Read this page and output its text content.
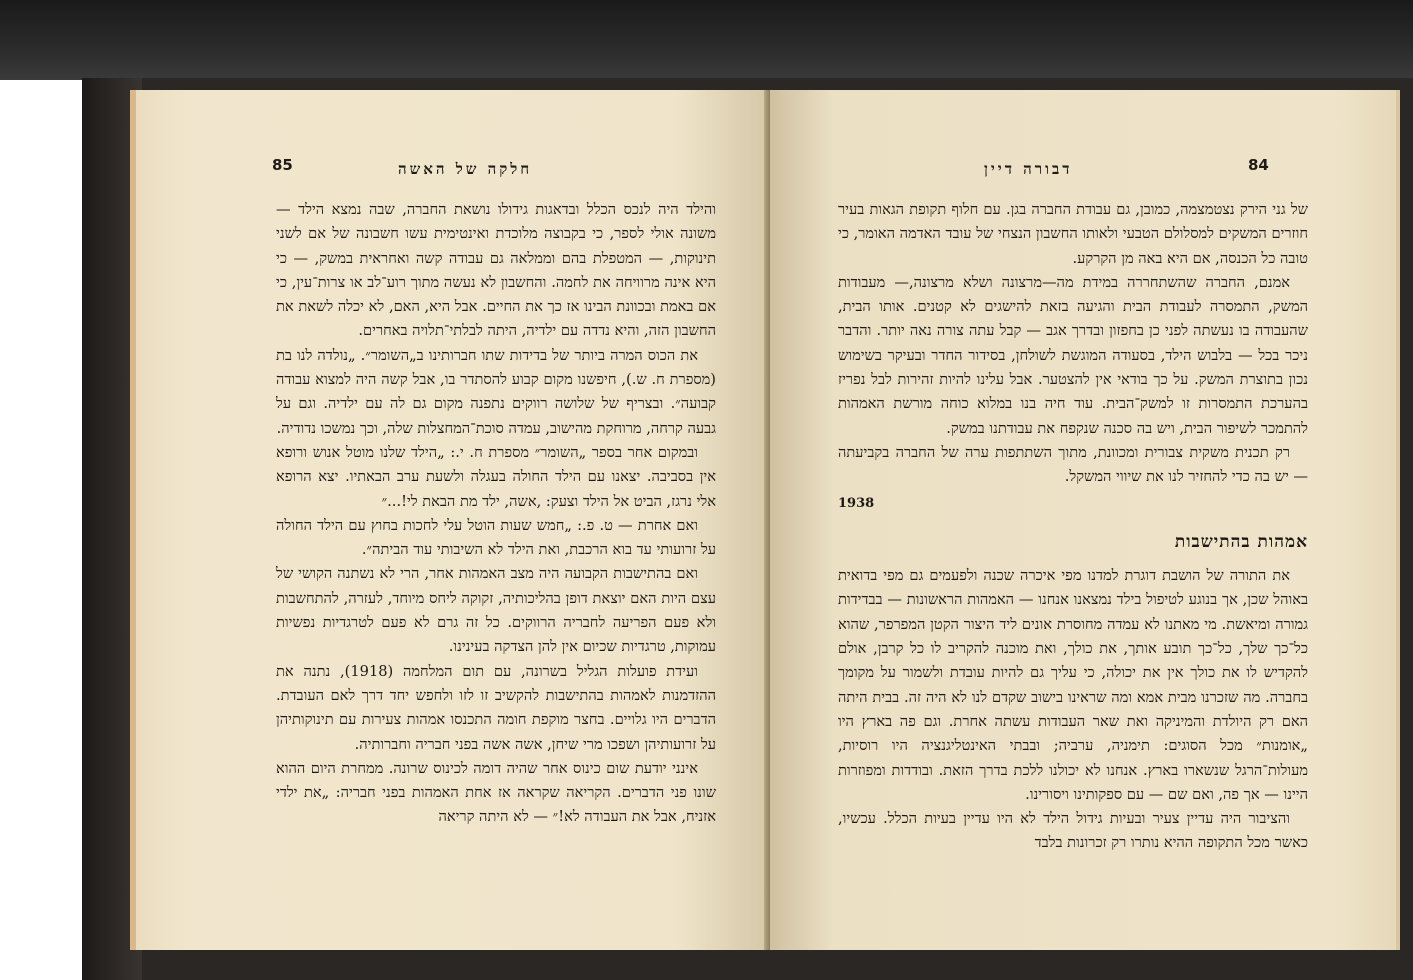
85	חלקה של האשה

והילד היה לנכס הכלל ובדאגות גידולו נושאת החברה, שבה נמצא הילד — משונה אולי לספר, כי בקבוצה מלוכדת ואינטימית עשו חשבונה של אם לשני תינוקות, — המטפלת בהם וממלאה גם עבודה קשה ואחראית במשק, — כי היא אינה מרוויחה את לחמה. והחשבון לא נעשה מתוך רוע־לב או צרות־עין, כי אם באמת ובכוונת הבינו אז כך את החיים. אבל היא, האם, לא יכלה לשאת את החשבון הזה, והיא נדדה עם ילדיה, היתה לבלתי־תלויה באחרים.

את הכוס המרה ביותר של בדידות שתו חברותינו ב„השומר״. „נולדה לנו בת (מספרת ח. ש.), חיפשנו מקום קבוע להסתדר בו, אבל קשה היה למצוא עבודה קבועה״. ובצריף של שלושה רווקים נתפנה מקום גם לה עם ילדיה. וגם על גבעה קרחה, מרוחקת מהישוב, עמדה סוכת־המחצלות שלה, וכך נמשכו נדודיה.

ובמקום אחר בספר „השומר״ מספרת ח. י.: „הילד שלנו מוטל אנוש ורופא אין בסביבה. יצאנו עם הילד החולה בעגלה ולשעת ערב הבאתיו. יצא הרופא אלי נרגז, הביט אל הילד וצעק: ,אשה, ילד מת הבאת לי!...״

ואם אחרת — ט. פ.: „חמש שעות הוטל עלי לחכות בחוץ עם הילד החולה על זרועותי עד בוא הרכבת, ואת הילד לא השיבותי עוד הביתה״.

ואם בהתישבות הקבועה היה מצב האמהות אחר, הרי לא נשתנה הקושי של עצם היות האם יוצאת דופן בהליכותיה, זקוקה ליחס מיוחד, לעזרה, להתחשבות ולא פעם הפריעה לחבריה הרווקים. כל זה גרם לא פעם לטרגדיות נפשיות עמוקות, טרגדיות שכיום אין להן הצדקה בעינינו.

ועידת פועלות הגליל בשרונה, עם תום המלחמה (1918), נתנה את ההזדמנות לאמהות בהתישבות להקשיב זו לזו ולחפש יחד דרך לאם העובדת. הדברים היו גלויים. בחצר מוקפת חומה התכנסו אמהות צעירות עם תינוקותיהן על זרועותיהן ושפכו מרי שיחן, אשה אשה בפני חבריה וחברותיה.

אינני יודעת שום כינוס אחר שהיה דומה לכינוס שרונה. ממחרת היום ההוא שונו פני הדברים. הקריאה שקראה אז אחת האמהות בפני חבריה: „את ילדי אזניח, אבל את העבודה לא!״ — לא היתה קריאה

דבורה דיין	84

של גני הירק נצטמצמה, כמובן, גם עבודת החברה בגן. עם חלוף תקופת הגאות בעיר חוזרים המשקים למסלולם הטבעי ולאותו החשבון הנצחי של עובד האדמה האומר, כי טובה כל הכנסה, אם היא באה מן הקרקע.

אמנם, החברה שהשתחררה במידת מה—מרצונה ושלא מרצונה,— מעבודות המשק, התמסרה לעבודת הבית והגיעה בזאת להישגים לא קטנים. אותו הבית, שהעבודה בו נעשתה לפני כן בחפזון ובדרך אגב — קבל עתה צורה נאה יותר. והדבר ניכר בכל — בלבוש הילד, בסעודה המוגשת לשולחן, בסידור החדר ובעיקר בשימוש נכון בתוצרת המשק. על כך בודאי אין להצטער. אבל עלינו להיות זהירות לבל נפריז בהערכת התמסרות זו למשק־הבית. עוד חיה בנו במלוא כוחה מורשת האמהות להתמכר לשיפור הבית, ויש בה סכנה שנקפח את עבודתנו במשק.

רק תכנית משקית צבורית ומכוונת, מתוך השתתפות ערה של החברה בקביעתה — יש בה כדי להחזיר לנו את שיווי המשקל.

1938
אמהות בהתישבות

את התורה של הושבת דוגרת למדנו מפי איכרה שכנה ולפעמים גם מפי בדואית באוהל שכן, אך בנוגע לטיפול בילד נמצאנו אנחנו — האמהות הראשונות — בבדידות גמורה ומיאשת. מי מאתנו לא עמדה מחוסרת אונים ליד היצור הקטן המפרפר, שהוא כל־כך שלך, כל־כך תובע אותך, את כולך, ואת מוכנה להקריב לו כל קרבן, אולם להקדיש לו את כולך אין את יכולה, כי עליך גם להיות עובדת ולשמור על מקומך בחברה. מה שזכרנו מבית אמא ומה שראינו בישוב שקדם לנו לא היה זה. בבית היתה האם רק היולדת והמיניקה ואת שאר העבודות עשתה אחרת. וגם פה בארץ היו „אומנות״ מכל הסוגים: תימניה, ערביה; ובבתי האינטליגנציה היו רוסיות, מעולות־הרגל שנשארו בארץ. אנחנו לא יכולנו ללכת בדרך הזאת. ובודדות ומפוזרות היינו — אך פה, ואם שם — עם ספקותינו ויסורינו.

והציבור היה עדיין צעיר ובעיות גידול הילד לא היו עדיין בעיות הכלל. עכשיו, כאשר מכל התקופה ההיא נותרו רק זכרונות בלבד
